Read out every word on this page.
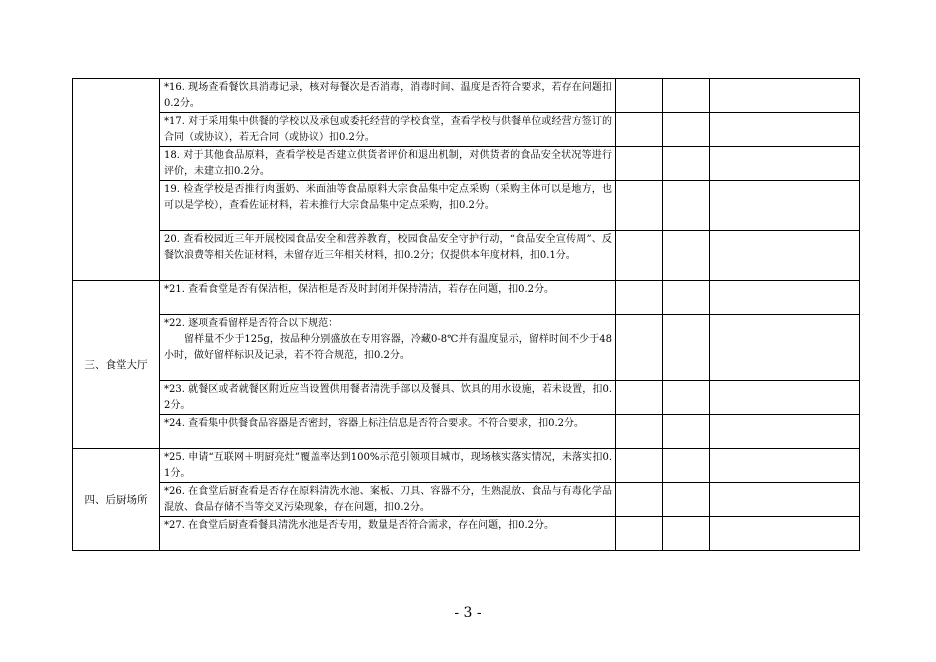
	*16. 现场查看餐饮具消毒记录，核对每餐次是否消毒，消毒时间、温度是否符合要求，若存在问题扣0.2分。			
	*17. 对于采用集中供餐的学校以及承包或委托经营的学校食堂，查看学校与供餐单位或经营方签订的合同（或协议），若无合同（或协议）扣0.2分。			
	18. 对于其他食品原料，查看学校是否建立供货者评价和退出机制，对供货者的食品安全状况等进行评价，未建立扣0.2分。			
	19. 检查学校是否推行肉蛋奶、米面油等食品原料大宗食品集中定点采购（采购主体可以是地方，也可以是学校），查看佐证材料，若未推行大宗食品集中定点采购，扣0.2分。			
	20. 查看校园近三年开展校园食品安全和营养教育，校园食品安全守护行动，“食品安全宣传周”、反餐饮浪费等相关佐证材料，未留存近三年相关材料，扣0.2分；仅提供本年度材料，扣0.1分。			
三、食堂大厅	*21. 查看食堂是否有保洁柜，保洁柜是否及时封闭并保持清洁，若存在问题，扣0.2分。			
	*22. 逐项查看留样是否符合以下规范：
留样量不少于125g，按品种分别盛放在专用容器，冷藏0-8℃并有温度显示，留样时间不少于48小时，做好留样标识及记录，若不符合规范，扣0.2分。			

	*23. 就餐区或者就餐区附近应当设置供用餐者清洗手部以及餐具、饮具的用水设施，若未设置，扣0.2分。			
	*24. 查看集中供餐食品容器是否密封，容器上标注信息是否符合要求。不符合要求，扣0.2分。			
四、后厨场所	*25. 申请“互联网＋明厨亮灶”覆盖率达到100%示范引领项目城市，现场核实落实情况，未落实扣0.1分。			
	*26. 在食堂后厨查看是否存在原料清洗水池、案板、刀具、容器不分，生熟混放、食品与有毒化学品混放、食品存储不当等交叉污染现象，存在问题，扣0.2分。			
	*27. 在食堂后厨查看餐具清洗水池是否专用，数量是否符合需求，存在问题，扣0.2分。			
- 3 -
